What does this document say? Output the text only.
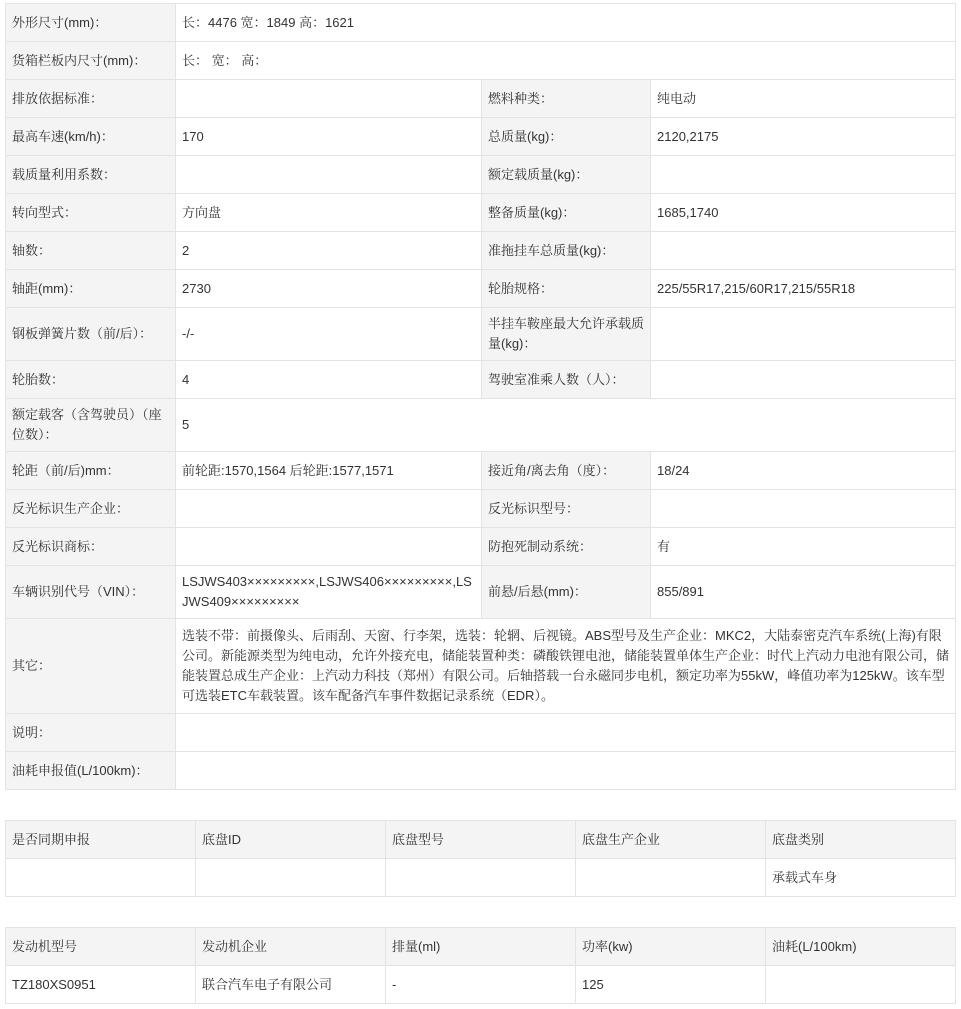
外形尺寸(mm)：	长：4476 宽：1849 高：1621		
货箱栏板内尺寸(mm)：	长： 宽： 高：		
排放依据标准：		燃料种类：	纯电动
最高车速(km/h)：	170	总质量(kg)：	2120,2175
载质量利用系数：		额定载质量(kg)：	
转向型式：	方向盘	整备质量(kg)：	1685,1740
轴数：	2	准拖挂车总质量(kg)：	
轴距(mm)：	2730	轮胎规格：	225/55R17,215/60R17,215/55R18
钢板弹簧片数（前/后）：	-/-	半挂车鞍座最大允许承载质量(kg)：	
轮胎数：	4	驾驶室准乘人数（人）：	
额定载客（含驾驶员）（座位数）：	5		
轮距（前/后)mm：	前轮距:1570,1564 后轮距:1577,1571	接近角/离去角（度）：	18/24
反光标识生产企业：		反光标识型号：	
反光标识商标：		防抱死制动系统：	有
车辆识别代号（VIN）：	LSJWS403×××××××××,LSJWS406×××××××××,LSJWS409×××××××××	前悬/后悬(mm)：	855/891
其它：	选装不带：前摄像头、后雨刮、天窗、行李架，选装：轮辋、后视镜。ABS型号及生产企业：MKC2，大陆泰密克汽车系统(上海)有限公司。新能源类型为纯电动，允许外接充电，储能装置种类：磷酸铁锂电池，储能装置单体生产企业：时代上汽动力电池有限公司，储能装置总成生产企业：上汽动力科技（郑州）有限公司。后轴搭载一台永磁同步电机，额定功率为55kW，峰值功率为125kW。该车型可选装ETC车载装置。该车配备汽车事件数据记录系统（EDR）。		
说明：			
油耗申报值(L/100km)：			
是否同期申报	底盘ID	底盘型号	底盘生产企业	底盘类别
				承载式车身
发动机型号	发动机企业	排量(ml)	功率(kw)	油耗(L/100km)
TZ180XS0951	联合汽车电子有限公司	-	125	
